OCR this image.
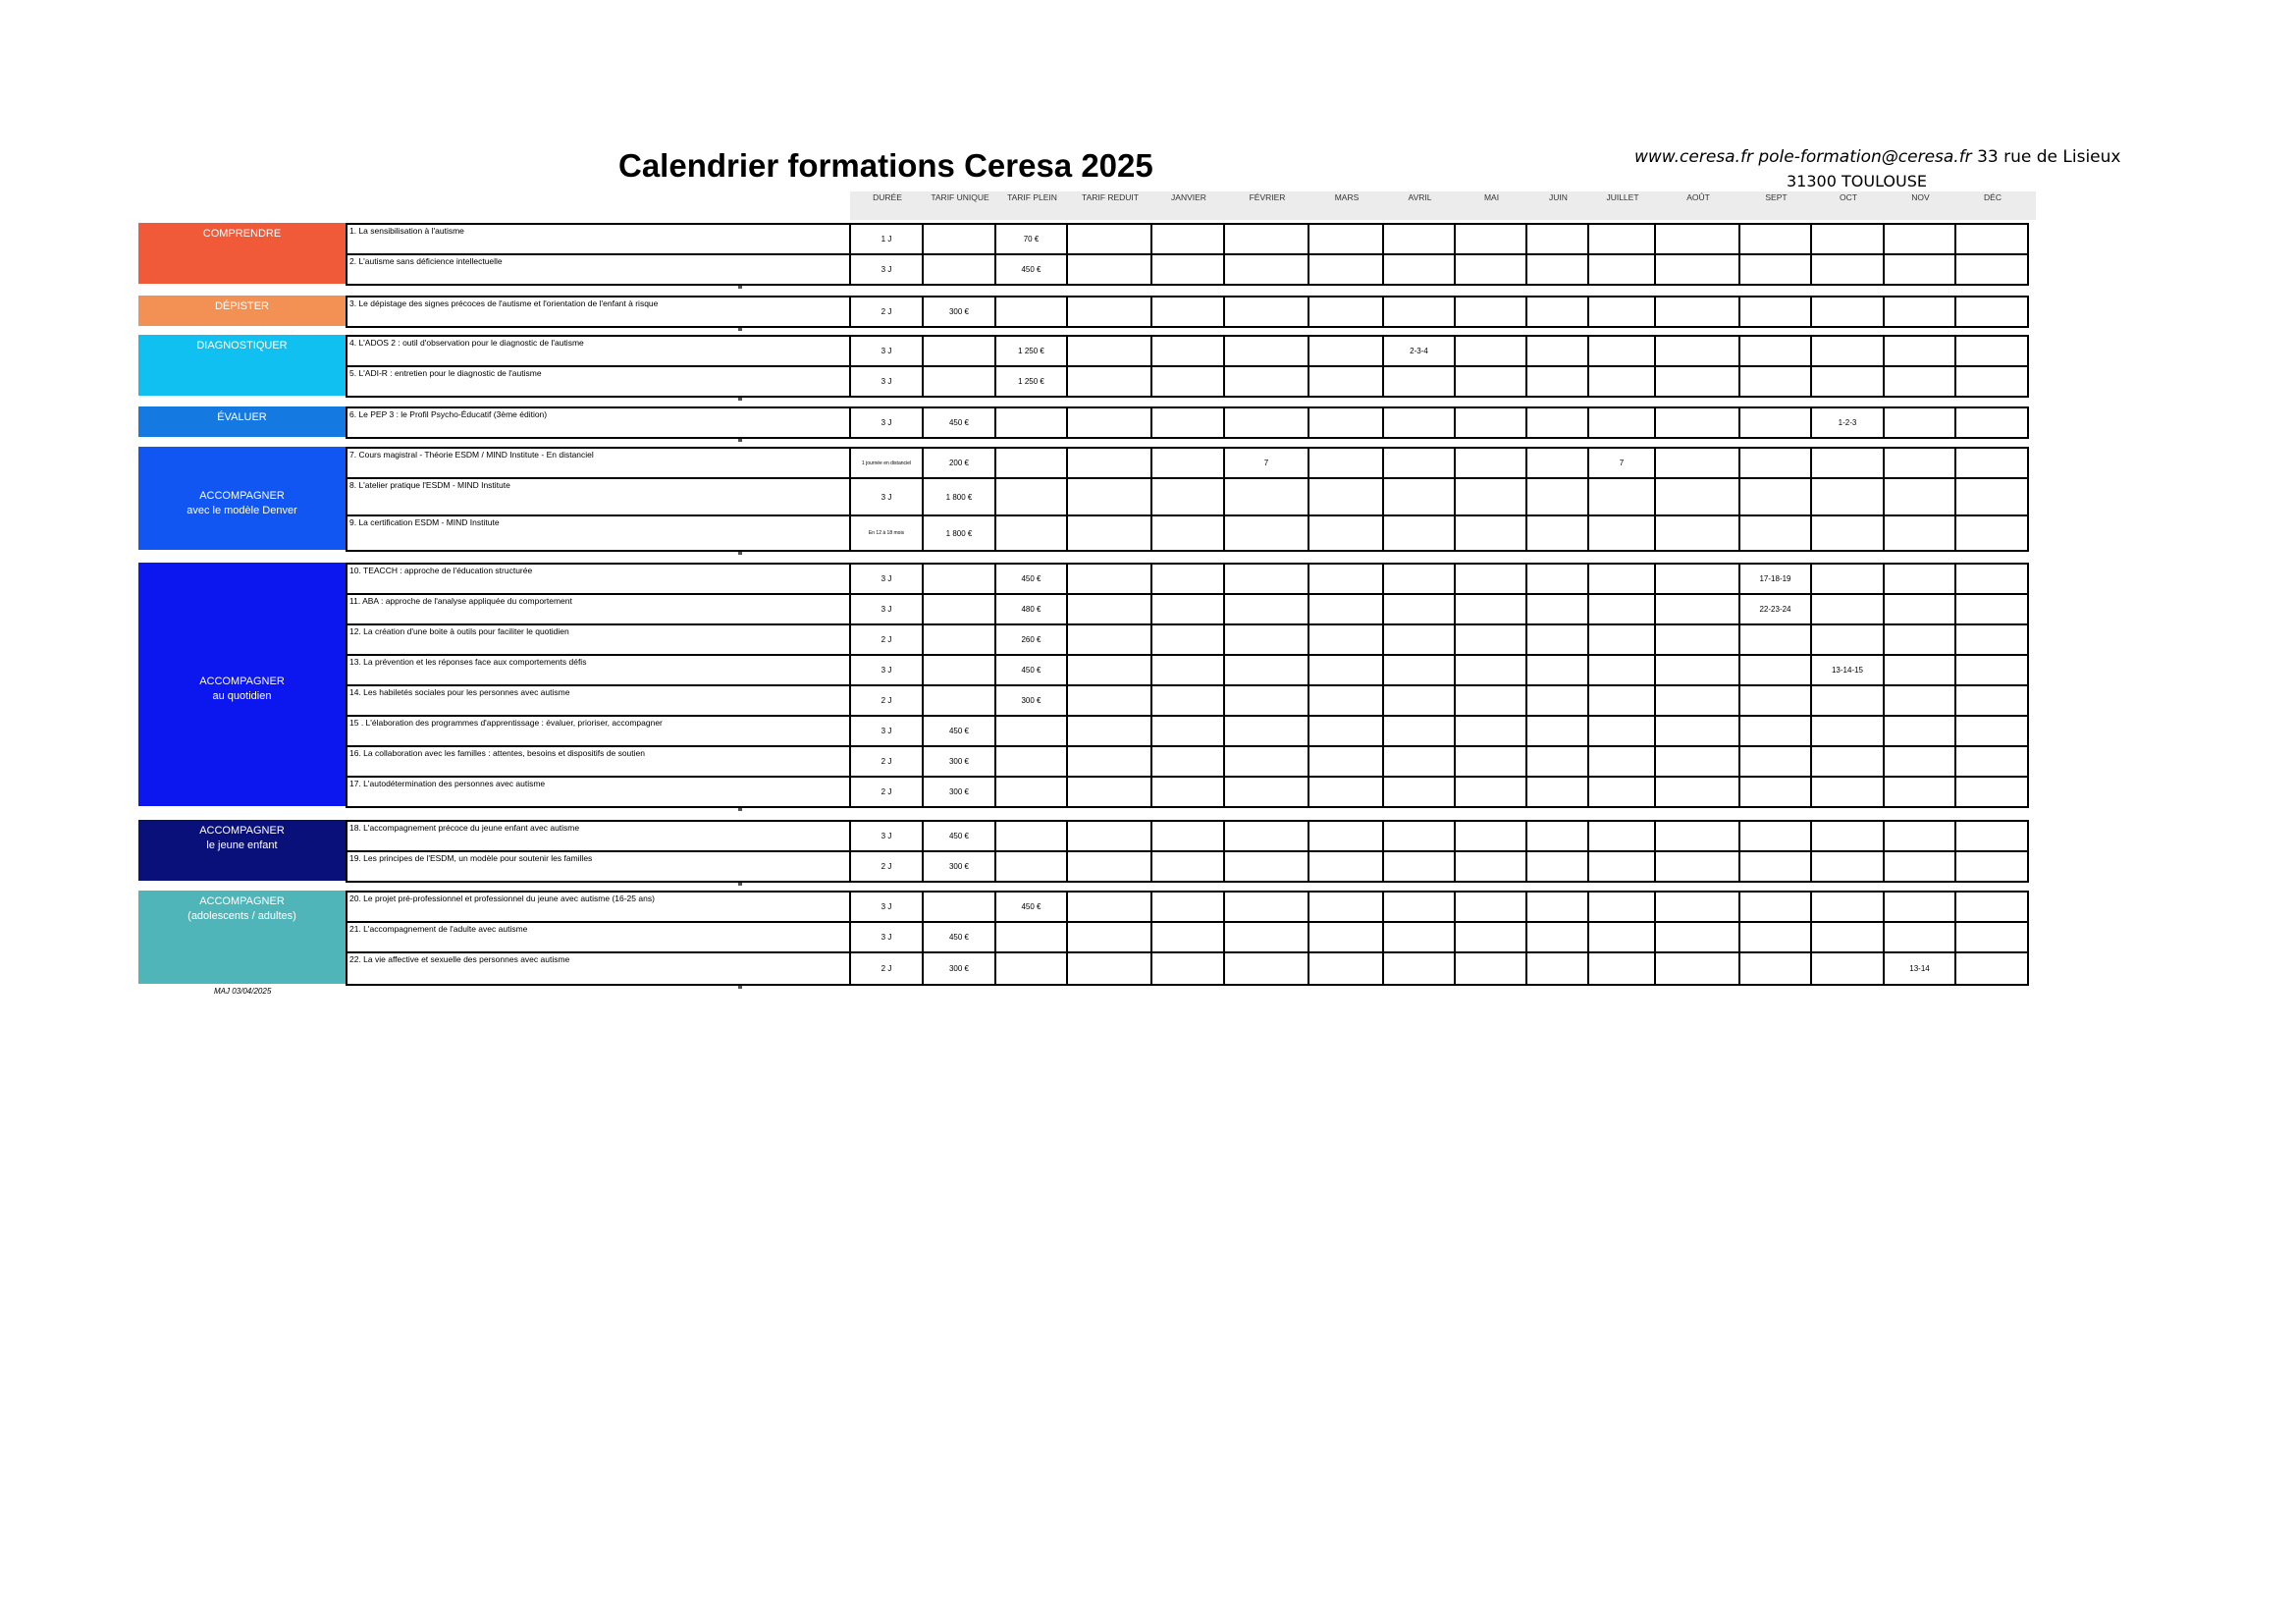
Calendrier formations Ceresa 2025	www.ceresa.fr pole-formation@ceresa.fr 33 rue de Lisieux
31300 TOULOUSE
DURÉE	TARIF UNIQUE	TARIF PLEIN	TARIF REDUIT	JANVIER	FÉVRIER	MARS	AVRIL	MAI	JUIN	JUILLET	AOÛT	SEPT	OCT	NOV	DÉC
COMPRENDRE	1. La sensibilisation à l'autisme	1 J		70 €													
2. L'autisme sans déficience intellectuelle	3 J		450 €													
DÉPISTER	3. Le dépistage des signes précoces de l'autisme et l'orientation de l'enfant à risque	2 J	300 €														
DIAGNOSTIQUER	4. L'ADOS 2 : outil d'observation pour le diagnostic de l'autisme	3 J		1 250 €					2-3-4								
5. L'ADI-R : entretien pour le diagnostic de l'autisme	3 J		1 250 €													
ÉVALUER	6. Le PEP 3 : le Profil Psycho-Éducatif (3ème édition)	3 J	450 €												1-2-3		
ACCOMPAGNER
avec le modèle Denver
7. Cours magistral - Théorie ESDM / MIND Institute - En distanciel	1 journée en distanciel	200 €				7					7					
8. L'atelier pratique l'ESDM - MIND Institute	3 J	1 800 €														
9. La certification ESDM - MIND Institute	En 12 à 18 mois	1 800 €														
ACCOMPAGNER
au quotidien
10. TEACCH : approche de l'éducation structurée	3 J		450 €										17-18-19			
11. ABA : approche de l'analyse appliquée du comportement	3 J		480 €										22-23-24			
12. La création d'une boite à outils pour faciliter le quotidien	2 J		260 €													
13. La prévention et les réponses face aux comportements défis	3 J		450 €											13-14-15		
14. Les habiletés sociales pour les personnes avec autisme	2 J		300 €													
15 . L'élaboration des programmes d'apprentissage : évaluer, prioriser, accompagner	3 J	450 €														
16. La collaboration avec les familles : attentes, besoins et dispositifs de soutien	2 J	300 €														
17. L'autodétermination des personnes avec autisme	2 J	300 €														
ACCOMPAGNER
le jeune enfant
18. L'accompagnement précoce du jeune enfant avec autisme	3 J	450 €														
19. Les principes de l'ESDM, un modèle pour soutenir les familles	2 J	300 €														
ACCOMPAGNER
(adolescents / adultes)
20. Le projet pré-professionnel et professionnel du jeune avec autisme (16-25 ans)	3 J		450 €													
21. L'accompagnement de l'adulte avec autisme	3 J	450 €														
22. La vie affective et sexuelle des personnes avec autisme	2 J	300 €													13-14	
MAJ 03/04/2025
